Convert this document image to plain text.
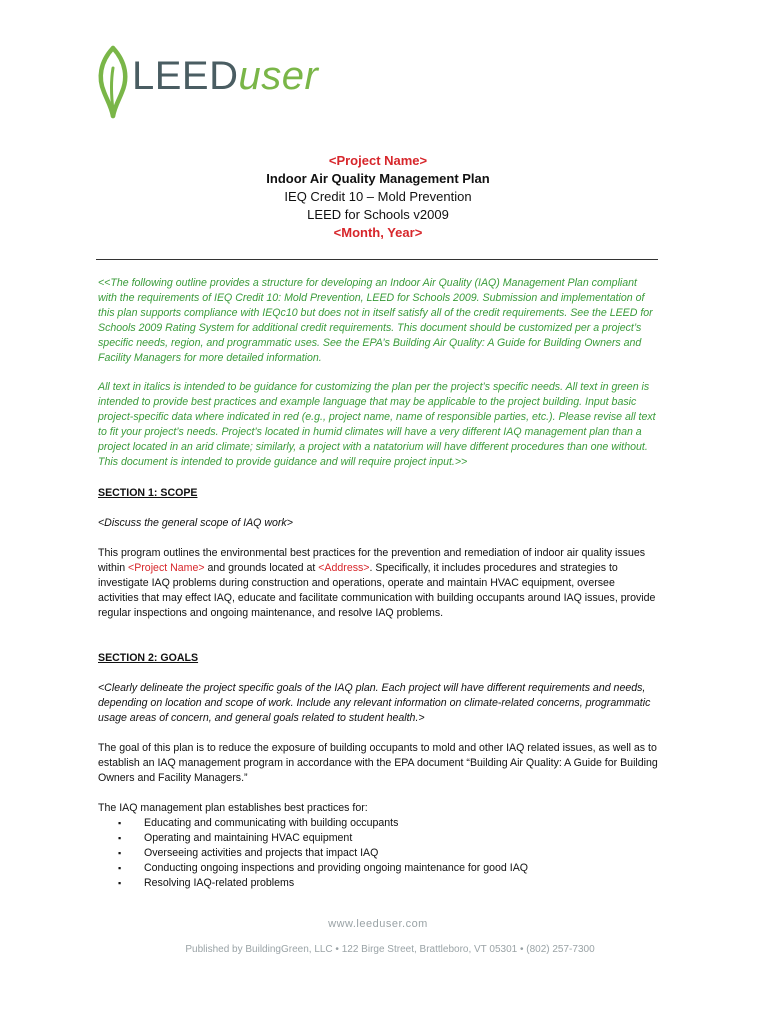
LEEDuser
<Project Name>
Indoor Air Quality Management Plan
IEQ Credit 10 – Mold Prevention
LEED for Schools v2009
<Month, Year>

<<The following outline provides a structure for developing an Indoor Air Quality (IAQ) Management Plan compliant with the requirements of IEQ Credit 10: Mold Prevention, LEED for Schools 2009. Submission and implementation of this plan supports compliance with IEQc10 but does not in itself satisfy all of the credit requirements. See the LEED for Schools 2009 Rating System for additional credit requirements. This document should be customized per a project’s specific needs, region, and programmatic uses. See the EPA’s Building Air Quality: A Guide for Building Owners and Facility Managers for more detailed information.

All text in italics is intended to be guidance for customizing the plan per the project’s specific needs. All text in green is intended to provide best practices and example language that may be applicable to the project building. Input basic project-specific data where indicated in red (e.g., project name, name of responsible parties, etc.). Please revise all text to fit your project’s needs. Project’s located in humid climates will have a very different IAQ management plan than a project located in an arid climate; similarly, a project with a natatorium will have different procedures than one without. This document is intended to provide guidance and will require project input.>>

SECTION 1: SCOPE

<Discuss the general scope of IAQ work>

This program outlines the environmental best practices for the prevention and remediation of indoor air quality issues within <Project Name> and grounds located at <Address>. Specifically, it includes procedures and strategies to investigate IAQ problems during construction and operations, operate and maintain HVAC equipment, oversee activities that may effect IAQ, educate and facilitate communication with building occupants around IAQ issues, provide regular inspections and ongoing maintenance, and resolve IAQ problems.

SECTION 2: GOALS

<Clearly delineate the project specific goals of the IAQ plan. Each project will have different requirements and needs, depending on location and scope of work. Include any relevant information on climate-related concerns, programmatic usage areas of concern, and general goals related to student health.>

The goal of this plan is to reduce the exposure of building occupants to mold and other IAQ related issues, as well as to establish an IAQ management program in accordance with the EPA document “Building Air Quality: A Guide for Building Owners and Facility Managers.”

The IAQ management plan establishes best practices for:

▪ Educating and communicating with building occupants
▪ Operating and maintaining HVAC equipment
▪ Overseeing activities and projects that impact IAQ
▪ Conducting ongoing inspections and providing ongoing maintenance for good IAQ
▪ Resolving IAQ-related problems
www.leeduser.com
Published by BuildingGreen, LLC • 122 Birge Street, Brattleboro, VT 05301 • (802) 257-7300
